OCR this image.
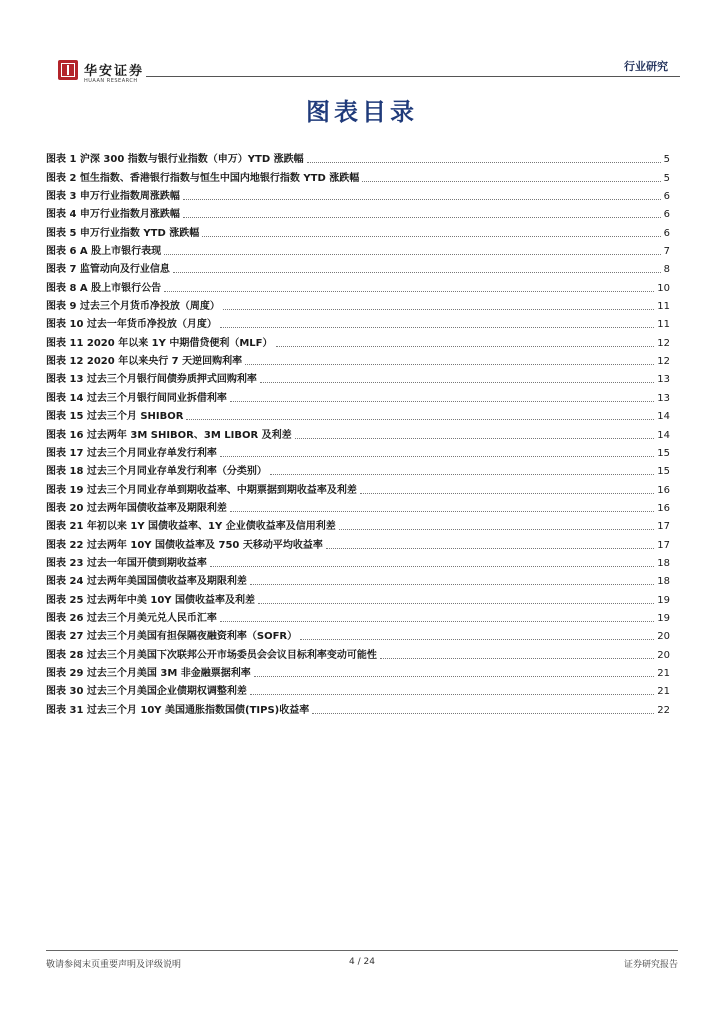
华安证券
HUAAN RESEARCH
行业研究
图表目录
图表 1 沪深 300 指数与银行业指数（申万）YTD 涨跌幅	5
图表 2 恒生指数、香港银行指数与恒生中国内地银行指数 YTD 涨跌幅	5
图表 3 申万行业指数周涨跌幅	6
图表 4 申万行业指数月涨跌幅	6
图表 5 申万行业指数 YTD 涨跌幅	6
图表 6 A 股上市银行表现	7
图表 7 监管动向及行业信息	8
图表 8 A 股上市银行公告	10
图表 9 过去三个月货币净投放（周度）	11
图表 10 过去一年货币净投放（月度）	11
图表 11 2020 年以来 1Y 中期借贷便利（MLF）	12
图表 12 2020 年以来央行 7 天逆回购利率	12
图表 13 过去三个月银行间债券质押式回购利率	13
图表 14 过去三个月银行间同业拆借利率	13
图表 15 过去三个月 SHIBOR	14
图表 16 过去两年 3M SHIBOR、3M LIBOR 及利差	14
图表 17 过去三个月同业存单发行利率	15
图表 18 过去三个月同业存单发行利率（分类别）	15
图表 19 过去三个月同业存单到期收益率、中期票据到期收益率及利差	16
图表 20 过去两年国债收益率及期限利差	16
图表 21 年初以来 1Y 国债收益率、1Y 企业债收益率及信用利差	17
图表 22 过去两年 10Y 国债收益率及 750 天移动平均收益率	17
图表 23 过去一年国开债到期收益率	18
图表 24 过去两年美国国债收益率及期限利差	18
图表 25 过去两年中美 10Y 国债收益率及利差	19
图表 26 过去三个月美元兑人民币汇率	19
图表 27 过去三个月美国有担保隔夜融资利率（SOFR）	20
图表 28 过去三个月美国下次联邦公开市场委员会会议目标利率变动可能性	20
图表 29 过去三个月美国 3M 非金融票据利率	21
图表 30 过去三个月美国企业债期权调整利差	21
图表 31 过去三个月 10Y 美国通胀指数国债(TIPS)收益率	22
敬请参阅末页重要声明及评级说明	4 / 24	证券研究报告
